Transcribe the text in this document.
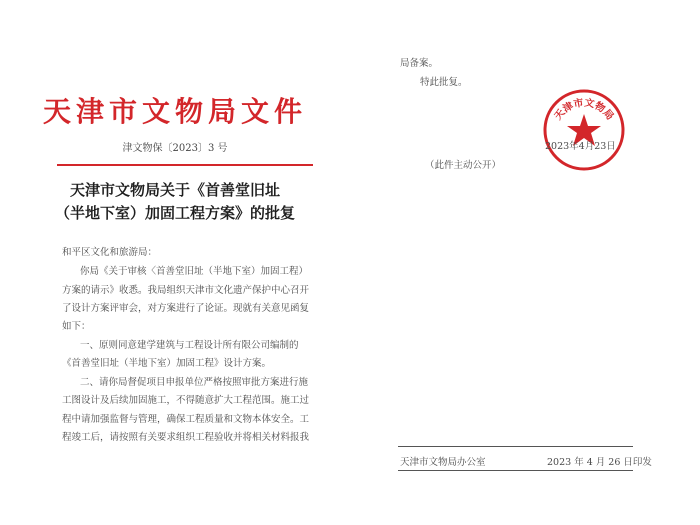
天津市文物局文件
津文物保〔2023〕3 号
天津市文物局关于《首善堂旧址
（半地下室）加固工程方案》的批复
和平区文化和旅游局：
你局《关于审核〈首善堂旧址（半地下室）加固工程）
方案的请示》收悉。我局组织天津市文化遗产保护中心召开
了设计方案评审会，对方案进行了论证。现就有关意见函复
如下：
一、原则同意建学建筑与工程设计所有限公司编制的
《首善堂旧址（半地下室）加固工程》设计方案。
二、请你局督促项目申报单位严格按照审批方案进行施
工图设计及后续加固施工，不得随意扩大工程范围。施工过
程中请加强监督与管理，确保工程质量和文物本体安全。工
程竣工后，请按照有关要求组织工程验收并将相关材料报我
局备案。
特此批复。
天津市文物局
2023年4月23日
（此件主动公开）
天津市文物局办公室	2023 年 4 月 26 日印发
